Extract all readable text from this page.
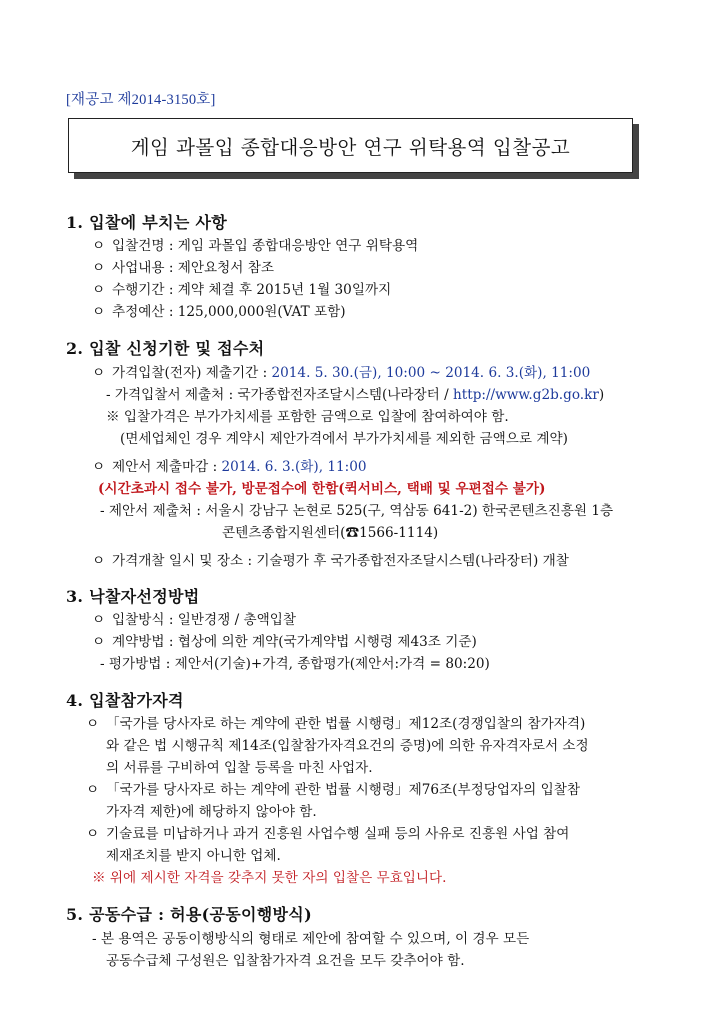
[재공고 제2014-3150호]
게임 과몰입 종합대응방안 연구 위탁용역 입찰공고
1. 입찰에 부치는 사항
ㅇ 입찰건명 : 게임 과몰입 종합대응방안 연구 위탁용역
ㅇ 사업내용 : 제안요청서 참조
ㅇ 수행기간 : 계약 체결 후 2015년 1월 30일까지
ㅇ 추정예산 : 125,000,000원(VAT 포함)
2. 입찰 신청기한 및 접수처
ㅇ 가격입찰(전자) 제출기간 : 2014. 5. 30.(금), 10:00 ~ 2014. 6. 3.(화), 11:00
- 가격입찰서 제출처 : 국가종합전자조달시스템(나라장터 / http://www.g2b.go.kr)
※ 입찰가격은 부가가치세를 포함한 금액으로 입찰에 참여하여야 함.
(면세업체인 경우 계약시 제안가격에서 부가가치세를 제외한 금액으로 계약)
ㅇ 제안서 제출마감 : 2014. 6. 3.(화), 11:00
(시간초과시 접수 불가, 방문접수에 한함(퀵서비스, 택배 및 우편접수 불가)
- 제안서 제출처 : 서울시 강남구 논현로 525(구, 역삼동 641-2) 한국콘텐츠진흥원 1층
콘텐츠종합지원센터(☎1566-1114)
ㅇ 가격개찰 일시 및 장소 : 기술평가 후 국가종합전자조달시스템(나라장터) 개찰
3. 낙찰자선정방법
ㅇ 입찰방식 : 일반경쟁 / 총액입찰
ㅇ 계약방법 : 협상에 의한 계약(국가계약법 시행령 제43조 기준)
- 평가방법 : 제안서(기술)+가격, 종합평가(제안서:가격 = 80:20)
4. 입찰참가자격
ㅇ 「국가를 당사자로 하는 계약에 관한 법률 시행령」제12조(경쟁입찰의 참가자격)
와 같은 법 시행규칙 제14조(입찰참가자격요건의 증명)에 의한 유자격자로서 소정
의 서류를 구비하여 입찰 등록을 마친 사업자.
ㅇ 「국가를 당사자로 하는 계약에 관한 법률 시행령」제76조(부정당업자의 입찰참
가자격 제한)에 해당하지 않아야 함.
ㅇ 기술료를 미납하거나 과거 진흥원 사업수행 실패 등의 사유로 진흥원 사업 참여
제재조치를 받지 아니한 업체.
※ 위에 제시한 자격을 갖추지 못한 자의 입찰은 무효입니다.
5. 공동수급 : 허용(공동이행방식)
- 본 용역은 공동이행방식의 형태로 제안에 참여할 수 있으며, 이 경우 모든
공동수급체 구성원은 입찰참가자격 요건을 모두 갖추어야 함.
